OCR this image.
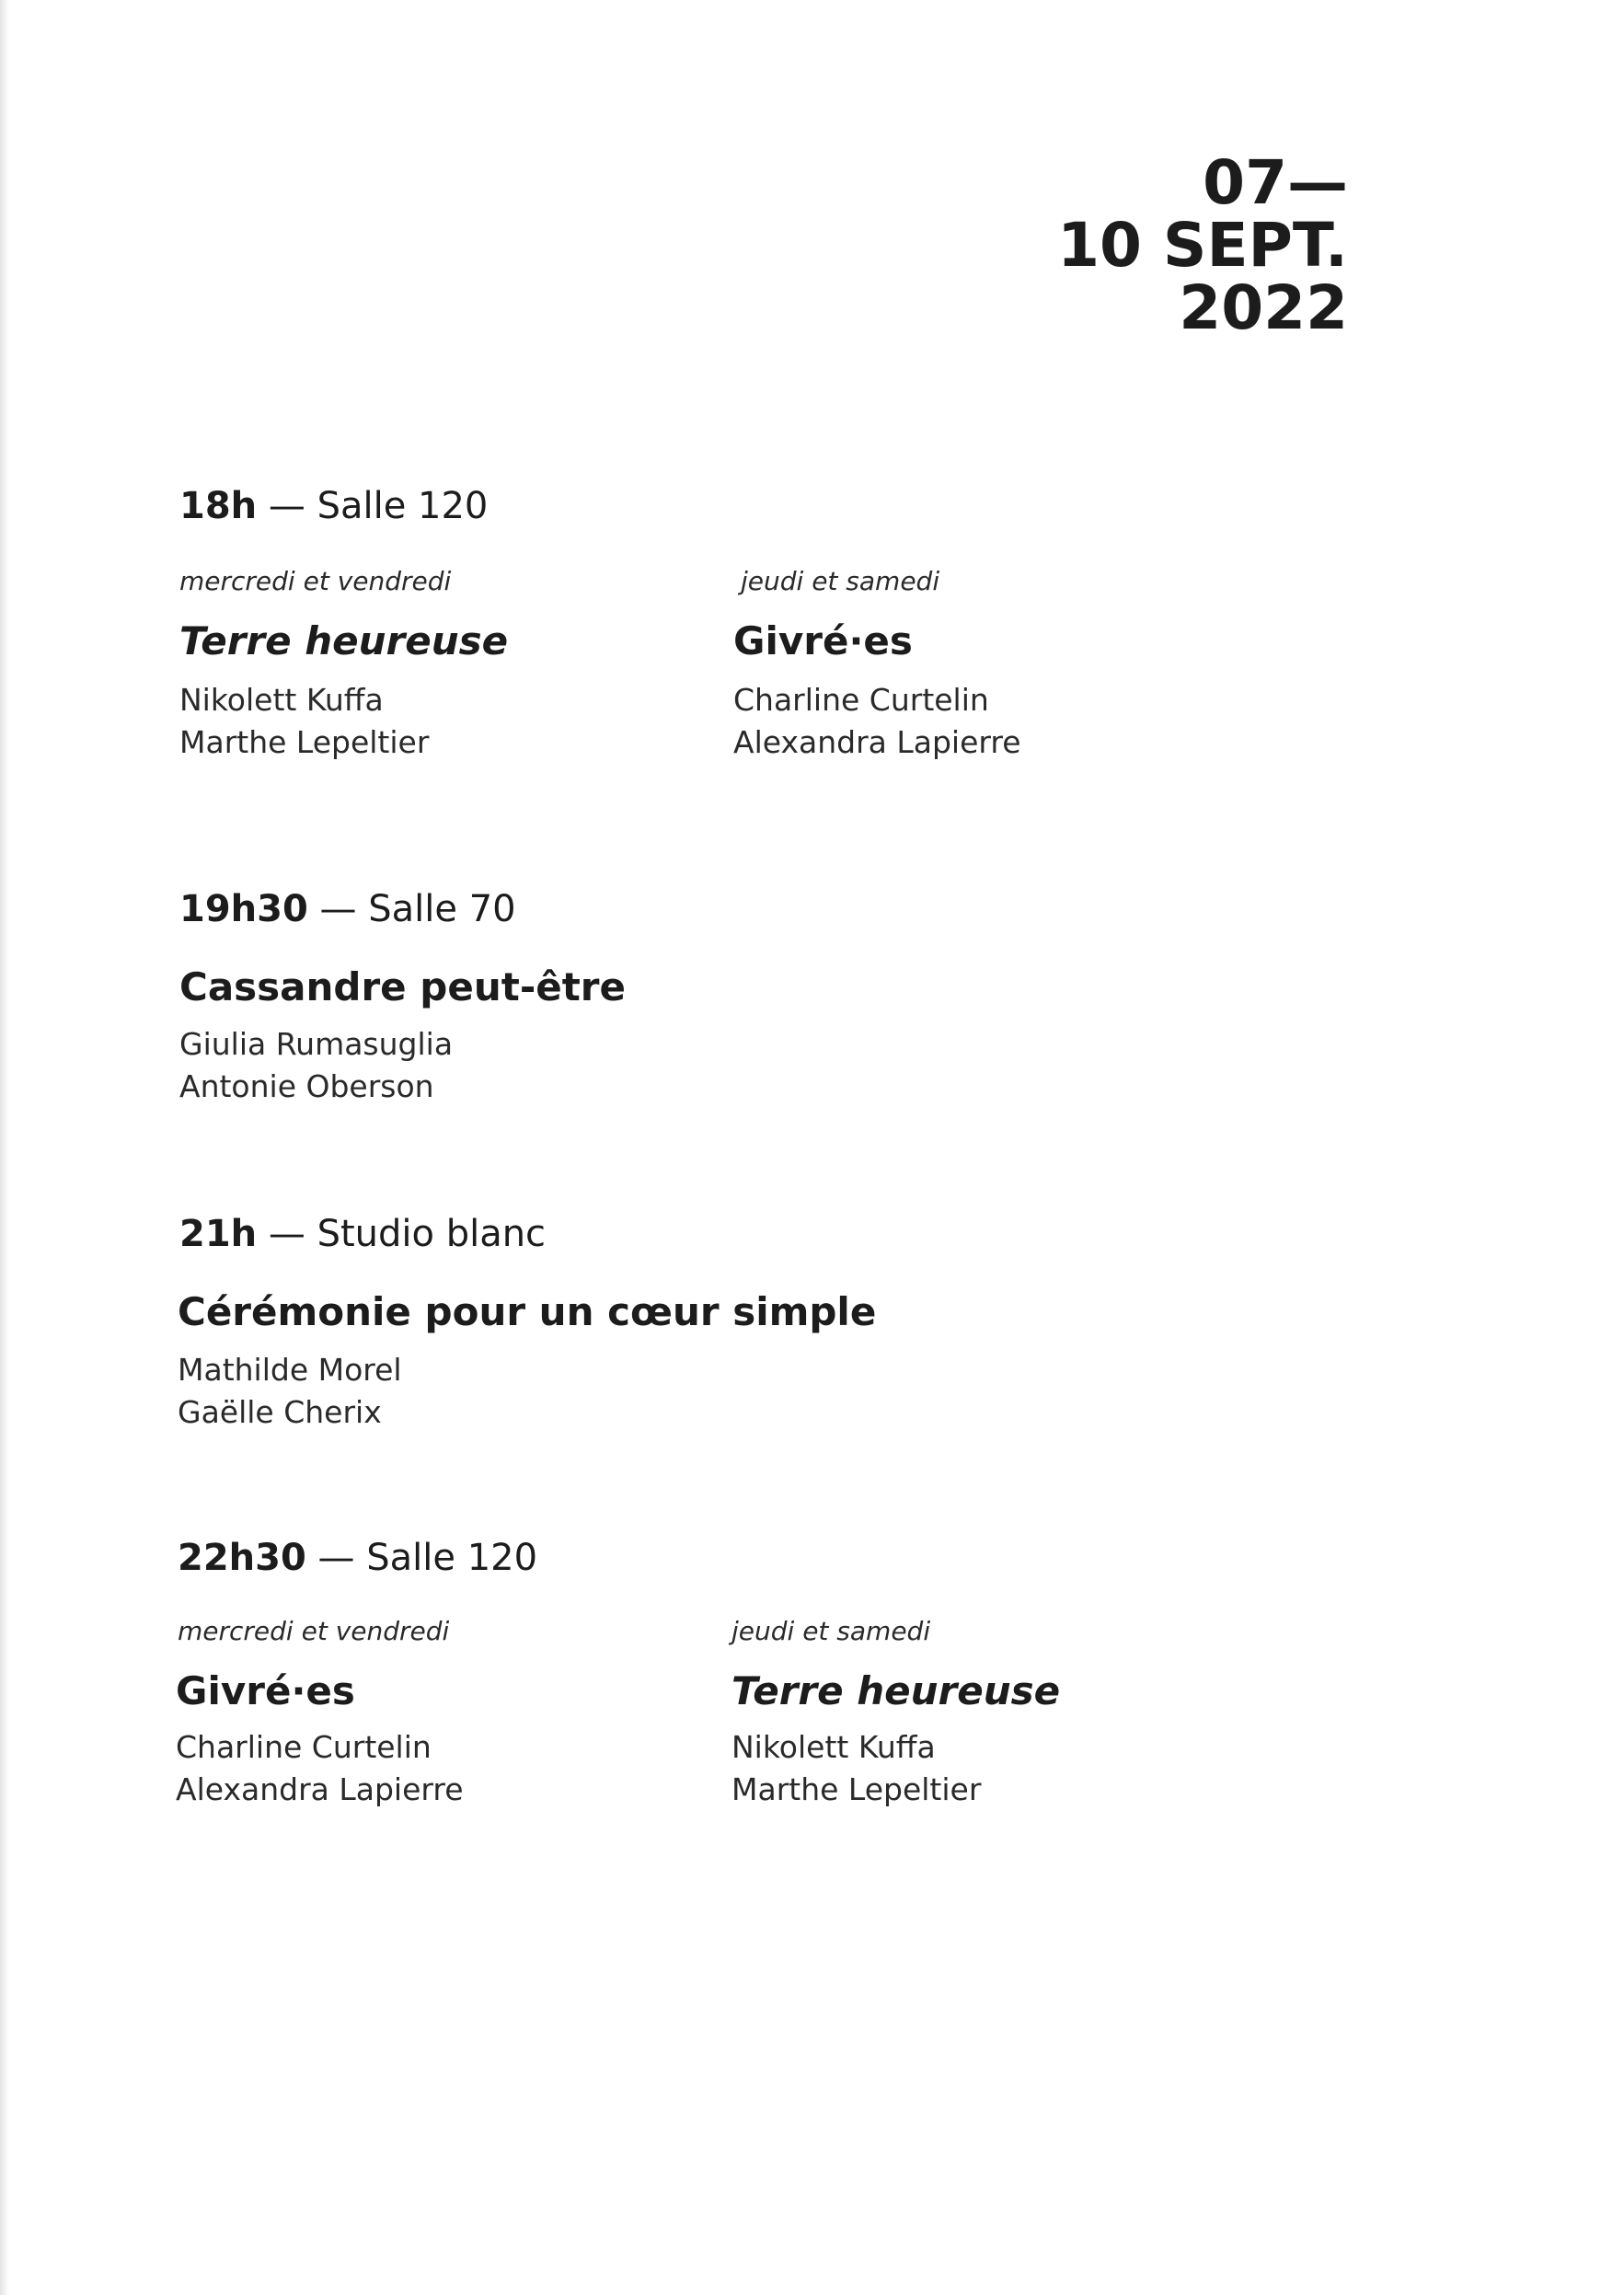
07—
10 SEPT.
2022
18h — Salle 120
mercredi et vendredi
Terre heureuse
Nikolett Kuffa
Marthe Lepeltier
jeudi et samedi
Givré·es
Charline Curtelin
Alexandra Lapierre
19h30 — Salle 70
Cassandre peut-être
Giulia Rumasuglia
Antonie Oberson
21h — Studio blanc
Cérémonie pour un cœur simple
Mathilde Morel
Gaëlle Cherix
22h30 — Salle 120
mercredi et vendredi
Givré·es
Charline Curtelin
Alexandra Lapierre
jeudi et samedi
Terre heureuse
Nikolett Kuffa
Marthe Lepeltier
